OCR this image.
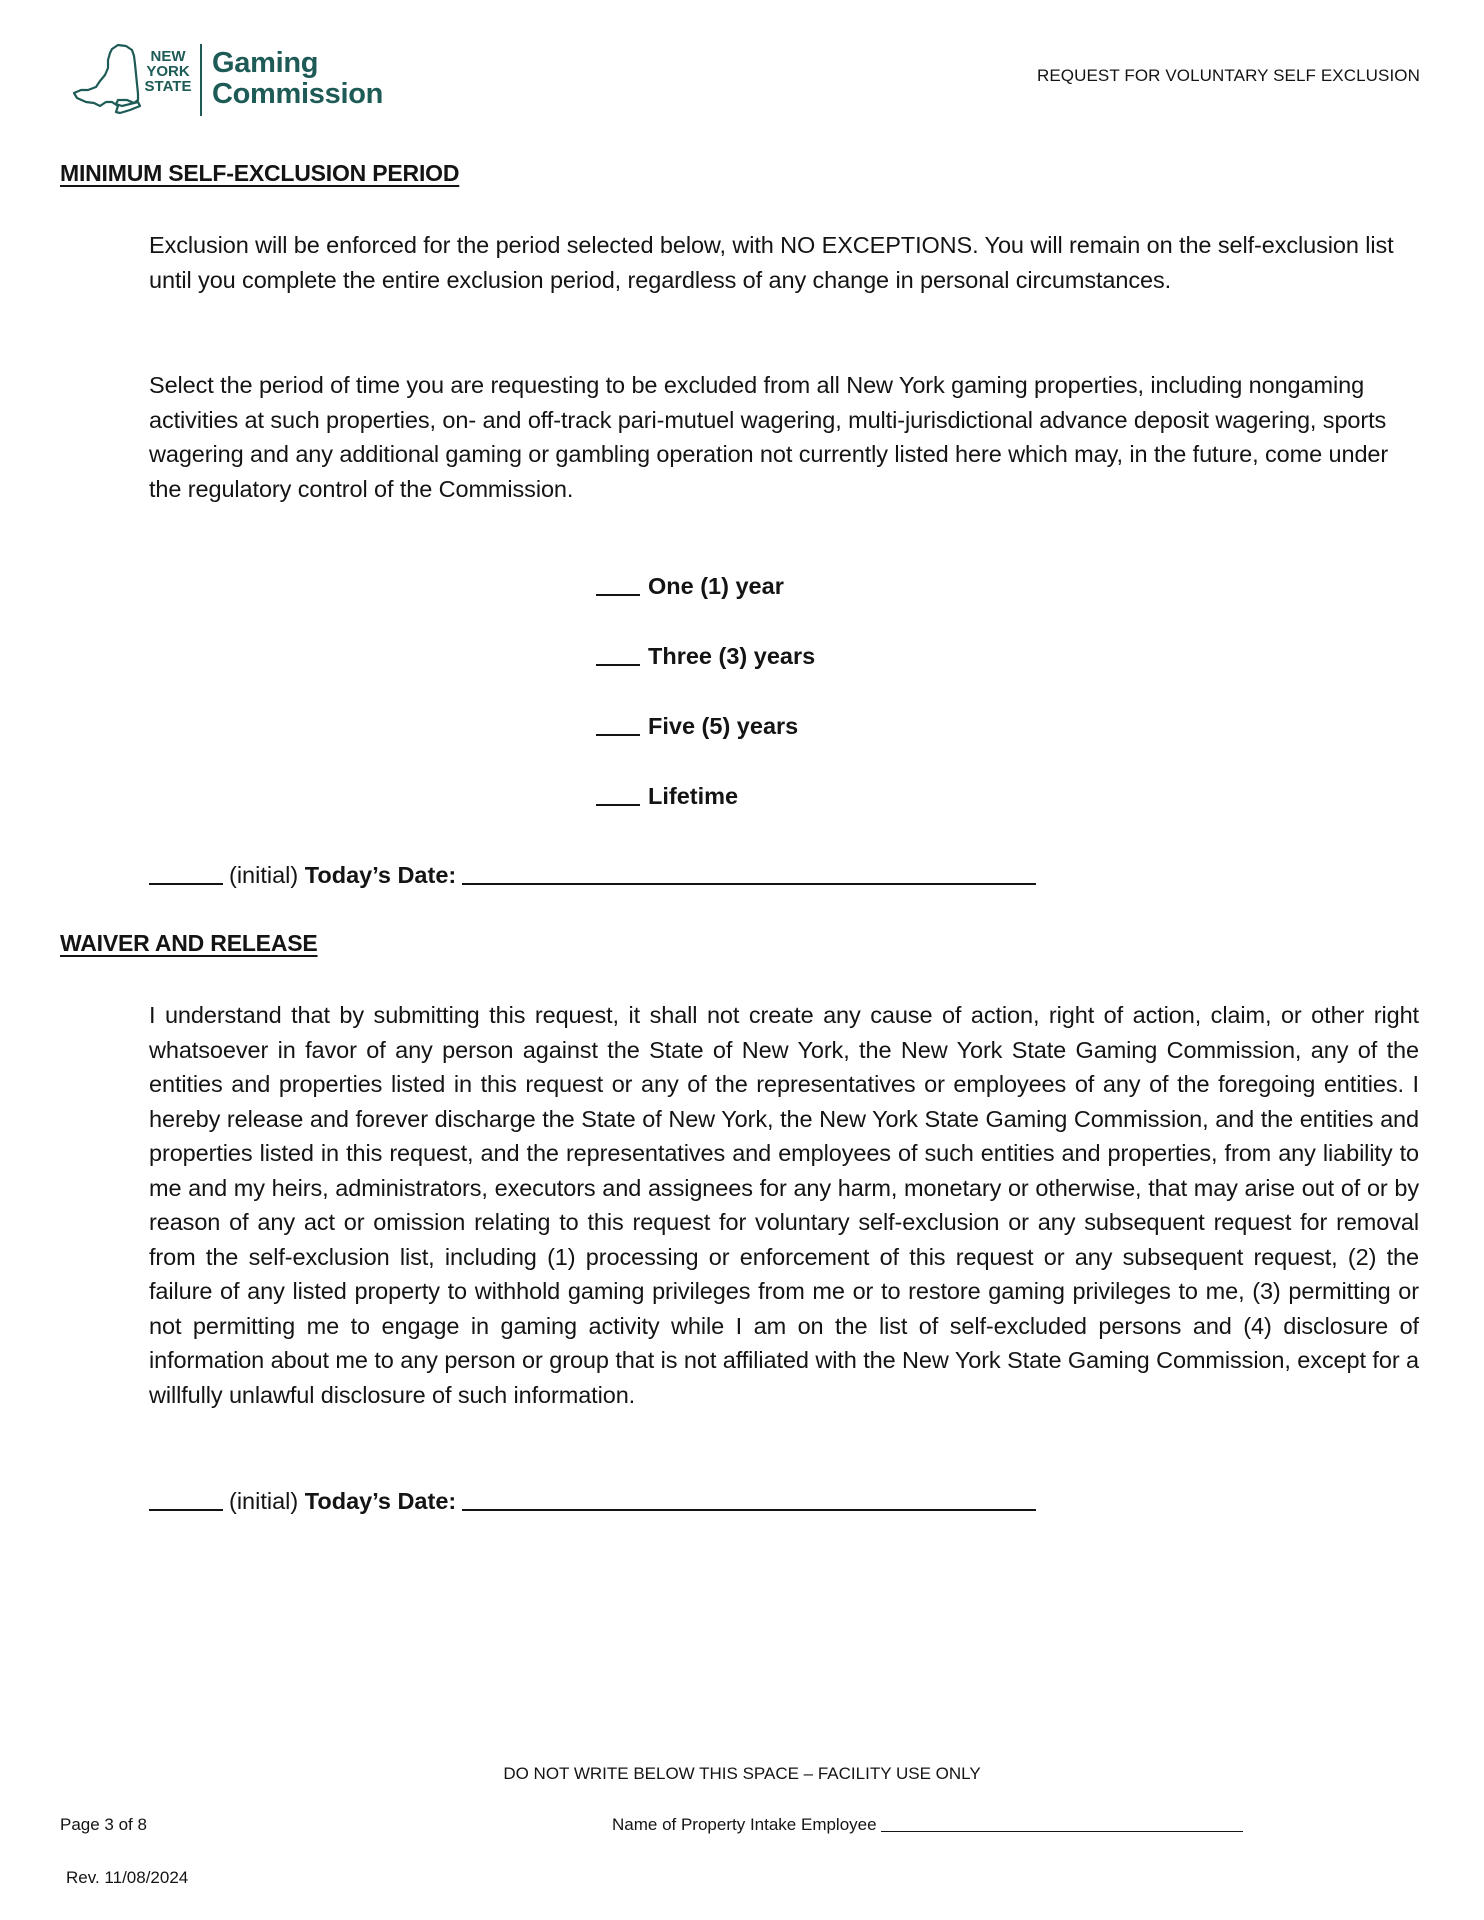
NEW
YORK
STATE
Gaming
Commission
REQUEST FOR VOLUNTARY SELF EXCLUSION
MINIMUM SELF-EXCLUSION PERIOD
Exclusion will be enforced for the period selected below, with NO EXCEPTIONS. You will remain on the self-exclusion list until you complete the entire exclusion period, regardless of any change in personal circumstances.
Select the period of time you are requesting to be excluded from all New York gaming properties, including nongaming activities at such properties, on- and off-track pari-mutuel wagering, multi-jurisdictional advance deposit wagering, sports wagering and any additional gaming or gambling operation not currently listed here which may, in the future, come under the regulatory control of the Commission.
One (1) year
Three (3) years
Five (5) years
Lifetime
(initial) Today’s Date:
WAIVER AND RELEASE
I understand that by submitting this request, it shall not create any cause of action, right of action, claim, or other right whatsoever in favor of any person against the State of New York, the New York State Gaming Commission, any of the entities and properties listed in this request or any of the representatives or employees of any of the foregoing entities. I hereby release and forever discharge the State of New York, the New York State Gaming Commission, and the entities and properties listed in this request, and the representatives and employees of such entities and properties, from any liability to me and my heirs, administrators, executors and assignees for any harm, monetary or otherwise, that may arise out of or by reason of any act or omission relating to this request for voluntary self-exclusion or any subsequent request for removal from the self-exclusion list, including (1) processing or enforcement of this request or any subsequent request, (2) the failure of any listed property to withhold gaming privileges from me or to restore gaming privileges to me, (3) permitting or not permitting me to engage in gaming activity while I am on the list of self-excluded persons and (4) disclosure of information about me to any person or group that is not affiliated with the New York State Gaming Commission, except for a willfully unlawful disclosure of such information.
(initial) Today’s Date:
DO NOT WRITE BELOW THIS SPACE – FACILITY USE ONLY
Page 3 of 8	Name of Property Intake Employee
Rev. 11/08/2024
